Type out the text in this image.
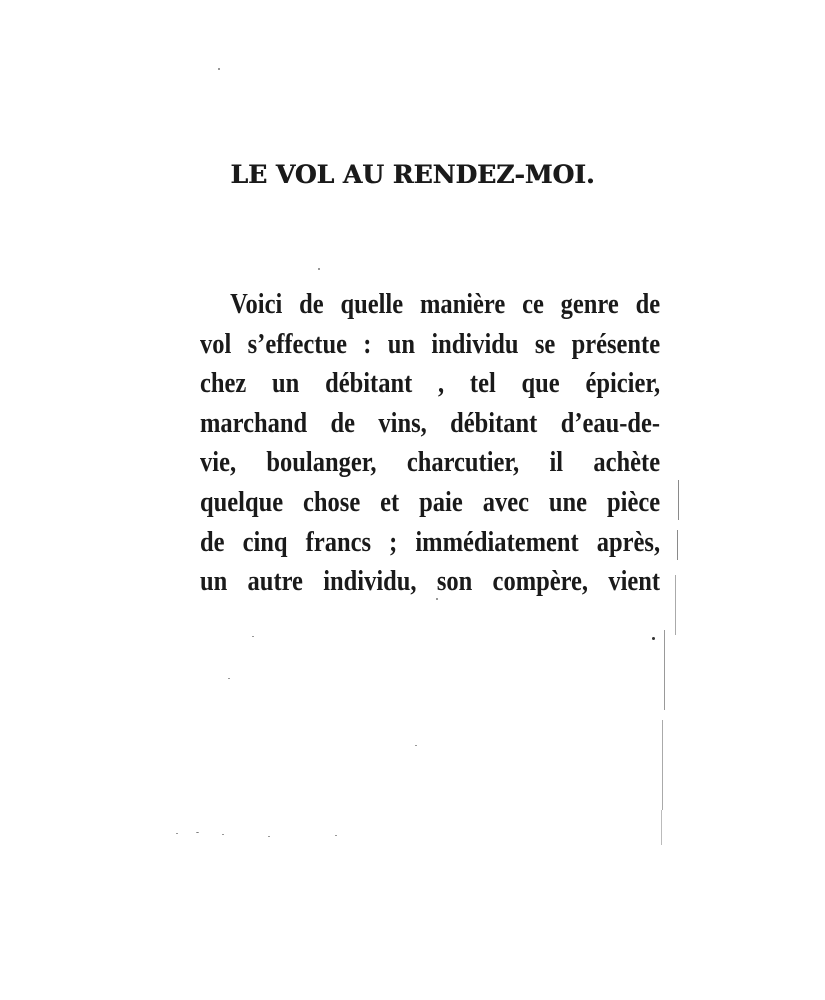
LE VOL AU RENDEZ-MOI.
Voici de quelle manière ce genre de
vol s’effectue : un individu se présente
chez un débitant , tel que épicier,
marchand de vins, débitant d’eau-de-
vie, boulanger, charcutier, il achète
quelque chose et paie avec une pièce
de cinq francs ; immédiatement après,
un autre individu, son compère, vient
